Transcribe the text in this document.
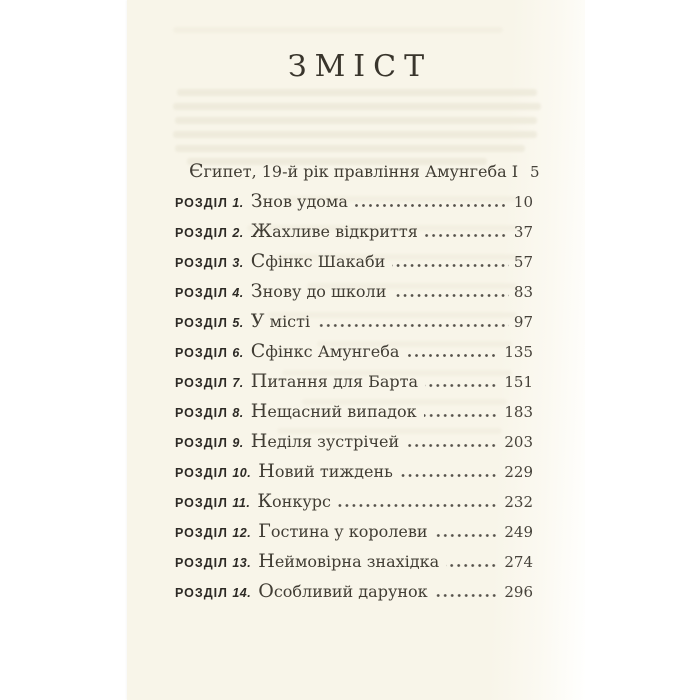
ЗМІСТ
Єгипет, 19-й рік правління Амунгеба І 5
РОЗДІЛ 1. Знов удома	10
РОЗДІЛ 2. Жахливе відкриття	37
РОЗДІЛ 3. Сфінкс Шакаби	57
РОЗДІЛ 4. Знову до школи	83
РОЗДІЛ 5. У місті	97
РОЗДІЛ 6. Сфінкс Амунгеба	135
РОЗДІЛ 7. Питання для Барта	151
РОЗДІЛ 8. Нещасний випадок	183
РОЗДІЛ 9. Неділя зустрічей	203
РОЗДІЛ 10. Новий тиждень	229
РОЗДІЛ 11. Конкурс	232
РОЗДІЛ 12. Гостина у королеви	249
РОЗДІЛ 13. Неймовірна знахідка	274
РОЗДІЛ 14. Особливий дарунок	296
